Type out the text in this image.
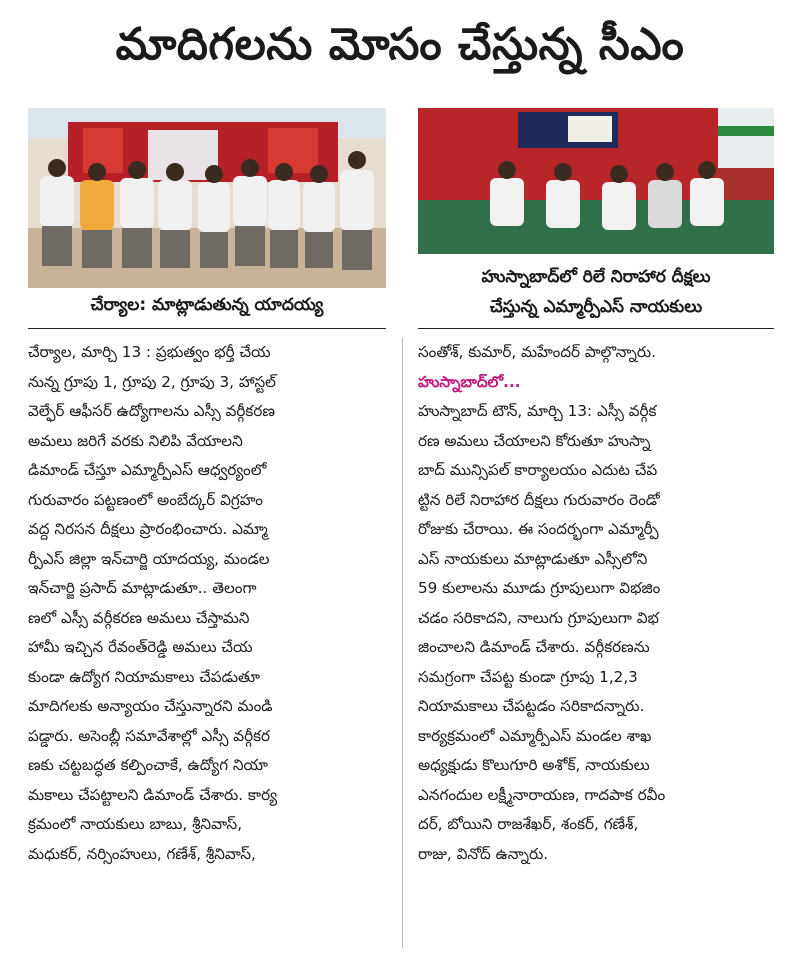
మాదిగలను మోసం చేస్తున్న సీఎం
హుస్నాబాద్‌లో రిలే నిరాహార దీక్షలు
చేస్తున్న ఎమ్మార్పీఎస్ నాయకులు
చేర్యాల: మాట్లాడుతున్న యాదయ్య
చేర్యాల, మార్చి 13 : ప్రభుత్వం భర్తీ చేయ
నున్న గ్రూపు 1, గ్రూపు 2, గ్రూపు 3, హాస్టల్
వెల్ఫేర్ ఆఫీసర్ ఉద్యోగాలను ఎస్సీ వర్గీకరణ
అమలు జరిగే వరకు నిలిపి వేయాలని
డిమాండ్ చేస్తూ ఎమ్మార్పీఎస్ ఆధ్వర్యంలో
గురువారం పట్టణంలో అంబేద్కర్ విగ్రహం
వద్ద నిరసన దీక్షలు ప్రారంభించారు. ఎమ్మా
ర్పీఎస్ జిల్లా ఇన్‌చార్జి యాదయ్య, మండల
ఇన్‌చార్జి ప్రసాద్ మాట్లాడుతూ.. తెలంగా
ణలో ఎస్సీ వర్గీకరణ అమలు చేస్తామని
హామీ ఇచ్చిన రేవంత్‌రెడ్డి అమలు చేయ
కుండా ఉద్యోగ నియామకాలు చేపడుతూ
మాదిగలకు అన్యాయం చేస్తున్నారని మండి
పడ్డారు. అసెంబ్లీ సమావేశాల్లో ఎస్సీ వర్గీకర
ణకు చట్టబద్ధత కల్పించాకే, ఉద్యోగ నియా
మకాలు చేపట్టాలని డిమాండ్ చేశారు. కార్య
క్రమంలో నాయకులు బాబు, శ్రీనివాస్,
మధుకర్, నర్సింహులు, గణేశ్, శ్రీనివాస్,
సంతోశ్, కుమార్, మహేందర్ పాల్గొన్నారు.
హుస్నాబాద్‌లో...
హుస్నాబాద్ టౌన్, మార్చి 13: ఎస్సీ వర్గీక
రణ అమలు చేయాలని కోరుతూ హుస్నా
బాద్ మున్సిపల్ కార్యాలయం ఎదుట చేప
ట్టిన రిలే నిరాహార దీక్షలు గురువారం రెండో
రోజుకు చేరాయి. ఈ సందర్భంగా ఎమ్మార్పీ
ఎస్ నాయకులు మాట్లాడుతూ ఎస్సీలోని
59 కులాలను మూడు గ్రూపులుగా విభజిం
చడం సరికాదని, నాలుగు గ్రూపులుగా విభ
జించాలని డిమాండ్ చేశారు. వర్గీకరణను
సమగ్రంగా చేపట్ట కుండా గ్రూపు 1,2,3
నియామకాలు చేపట్టడం సరికాదన్నారు.
కార్యక్రమంలో ఎమ్మార్పీఎస్ మండల శాఖ
అధ్యక్షుడు కొలుగూరి అశోక్, నాయకులు
ఎనగందుల లక్ష్మీనారాయణ, గాదపాక రవీం
దర్, బోయిని రాజశేఖర్, శంకర్, గణేశ్,
రాజు, వినోద్ ఉన్నారు.
